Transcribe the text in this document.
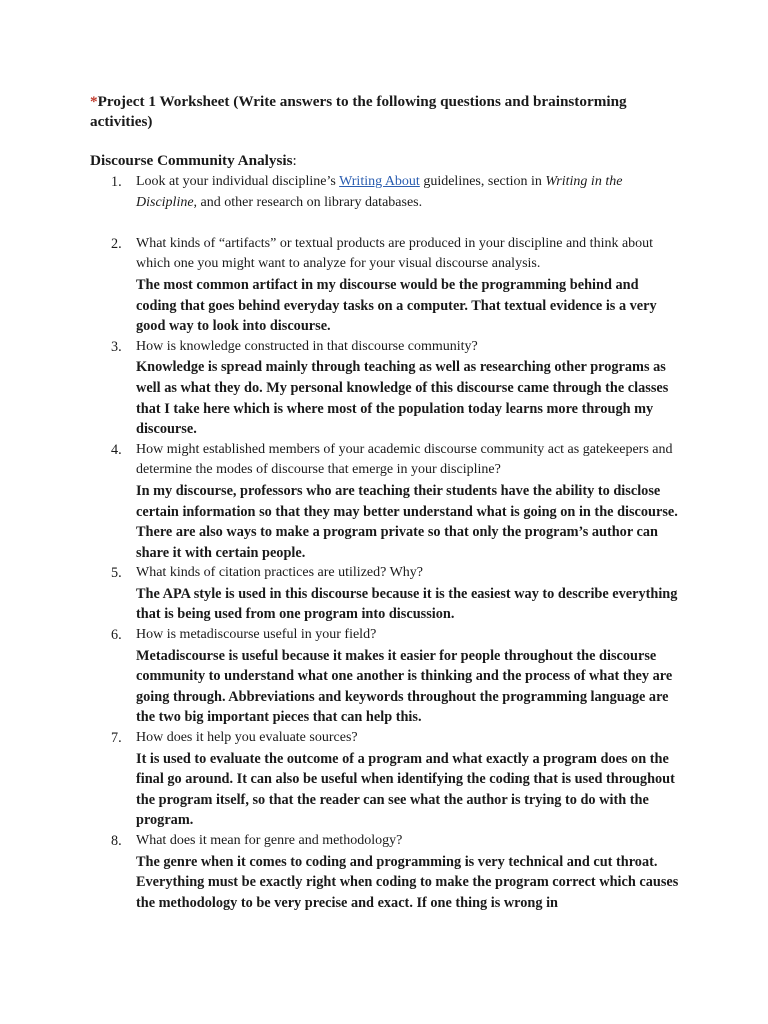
*Project 1 Worksheet (Write answers to the following questions and brainstorming activities)

Discourse Community Analysis:

1. Look at your individual discipline’s Writing About guidelines, section in Writing in the Discipline, and other research on library databases.
2. What kinds of “artifacts” or textual products are produced in your discipline and think about which one you might want to analyze for your visual discourse analysis.
The most common artifact in my discourse would be the programming behind and coding that goes behind everyday tasks on a computer. That textual evidence is a very good way to look into discourse.
3. How is knowledge constructed in that discourse community?
Knowledge is spread mainly through teaching as well as researching other programs as well as what they do. My personal knowledge of this discourse came through the classes that I take here which is where most of the population today learns more through my discourse.
4. How might established members of your academic discourse community act as gatekeepers and determine the modes of discourse that emerge in your discipline?
In my discourse, professors who are teaching their students have the ability to disclose certain information so that they may better understand what is going on in the discourse. There are also ways to make a program private so that only the program’s author can share it with certain people.
5. What kinds of citation practices are utilized? Why?
The APA style is used in this discourse because it is the easiest way to describe everything that is being used from one program into discussion.
6. How is metadiscourse useful in your field?
Metadiscourse is useful because it makes it easier for people throughout the discourse community to understand what one another is thinking and the process of what they are going through. Abbreviations and keywords throughout the programming language are the two big important pieces that can help this.
7. How does it help you evaluate sources?
It is used to evaluate the outcome of a program and what exactly a program does on the final go around. It can also be useful when identifying the coding that is used throughout the program itself, so that the reader can see what the author is trying to do with the program.
8. What does it mean for genre and methodology?
The genre when it comes to coding and programming is very technical and cut throat. Everything must be exactly right when coding to make the program correct which causes the methodology to be very precise and exact. If one thing is wrong in
